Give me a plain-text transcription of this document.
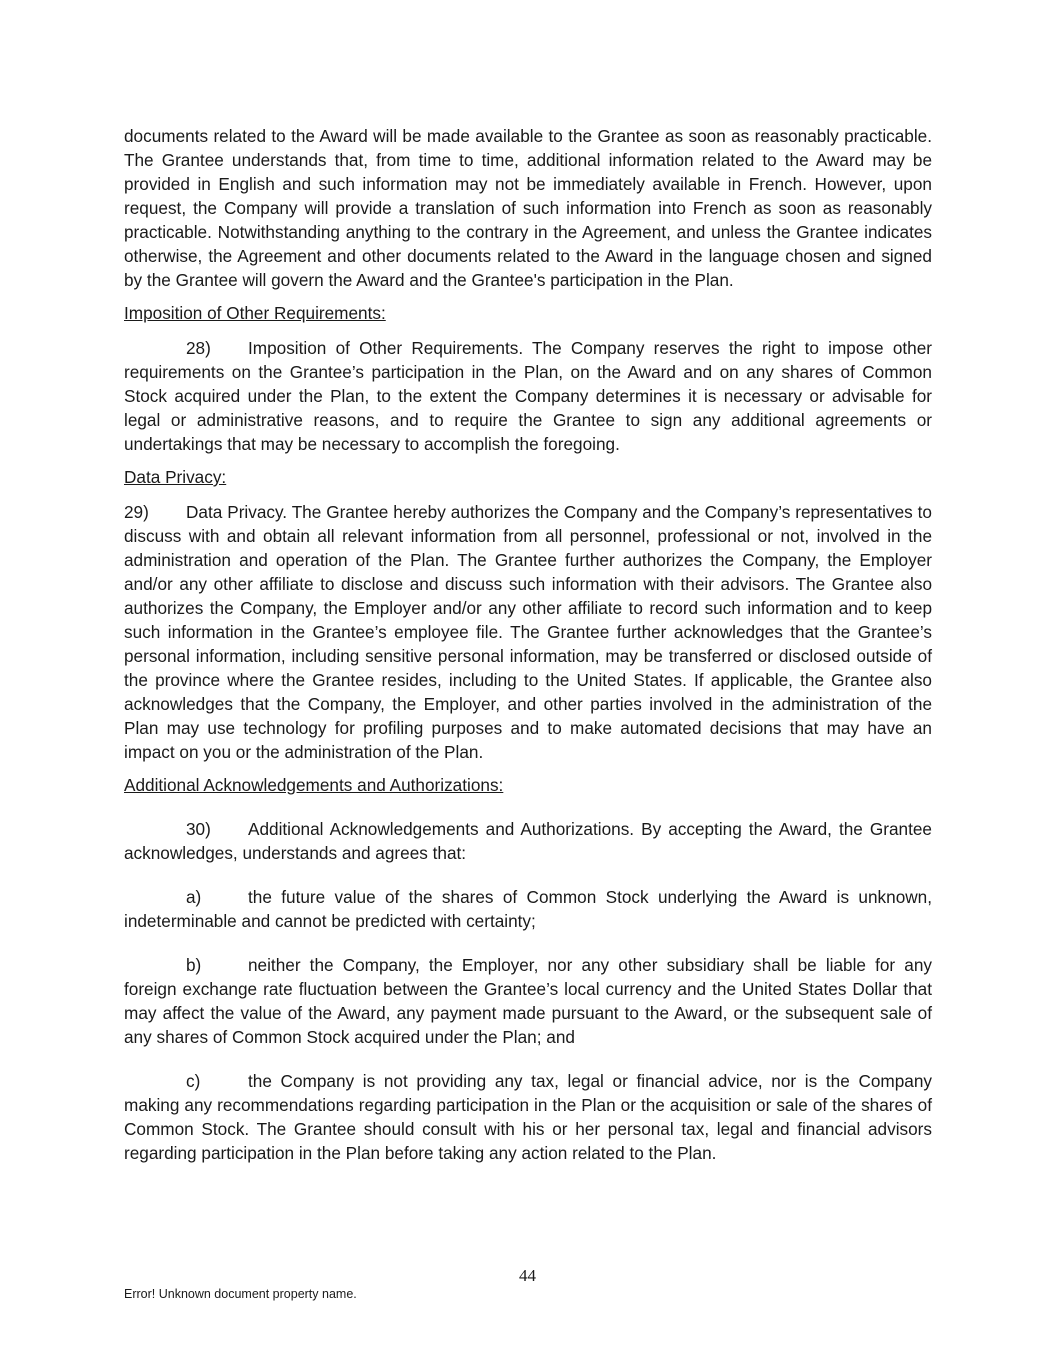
documents related to the Award will be made available to the Grantee as soon as reasonably practicable. The Grantee understands that, from time to time, additional information related to the Award may be provided in English and such information may not be immediately available in French. However, upon request, the Company will provide a translation of such information into French as soon as reasonably practicable. Notwithstanding anything to the contrary in the Agreement, and unless the Grantee indicates otherwise, the Agreement and other documents related to the Award in the language chosen and signed by the Grantee will govern the Award and the Grantee's participation in the Plan.

Imposition of Other Requirements:

28) Imposition of Other Requirements. The Company reserves the right to impose other requirements on the Grantee’s participation in the Plan, on the Award and on any shares of Common Stock acquired under the Plan, to the extent the Company determines it is necessary or advisable for legal or administrative reasons, and to require the Grantee to sign any additional agreements or undertakings that may be necessary to accomplish the foregoing.

Data Privacy:

29) Data Privacy. The Grantee hereby authorizes the Company and the Company’s representatives to discuss with and obtain all relevant information from all personnel, professional or not, involved in the administration and operation of the Plan. The Grantee further authorizes the Company, the Employer and/or any other affiliate to disclose and discuss such information with their advisors. The Grantee also authorizes the Company, the Employer and/or any other affiliate to record such information and to keep such information in the Grantee’s employee file. The Grantee further acknowledges that the Grantee’s personal information, including sensitive personal information, may be transferred or disclosed outside of the province where the Grantee resides, including to the United States. If applicable, the Grantee also acknowledges that the Company, the Employer, and other parties involved in the administration of the Plan may use technology for profiling purposes and to make automated decisions that may have an impact on you or the administration of the Plan.

Additional Acknowledgements and Authorizations:

30) Additional Acknowledgements and Authorizations. By accepting the Award, the Grantee acknowledges, understands and agrees that:

a)	the future value of the shares of Common Stock underlying the Award is unknown, indeterminable and cannot be predicted with certainty;

b)	neither the Company, the Employer, nor any other subsidiary shall be liable for any foreign exchange rate fluctuation between the Grantee’s local currency and the United States Dollar that may affect the value of the Award, any payment made pursuant to the Award, or the subsequent sale of any shares of Common Stock acquired under the Plan; and

c)	the Company is not providing any tax, legal or financial advice, nor is the Company making any recommendations regarding participation in the Plan or the acquisition or sale of the shares of Common Stock. The Grantee should consult with his or her personal tax, legal and financial advisors regarding participation in the Plan before taking any action related to the Plan.

44
Error! Unknown document property name.
